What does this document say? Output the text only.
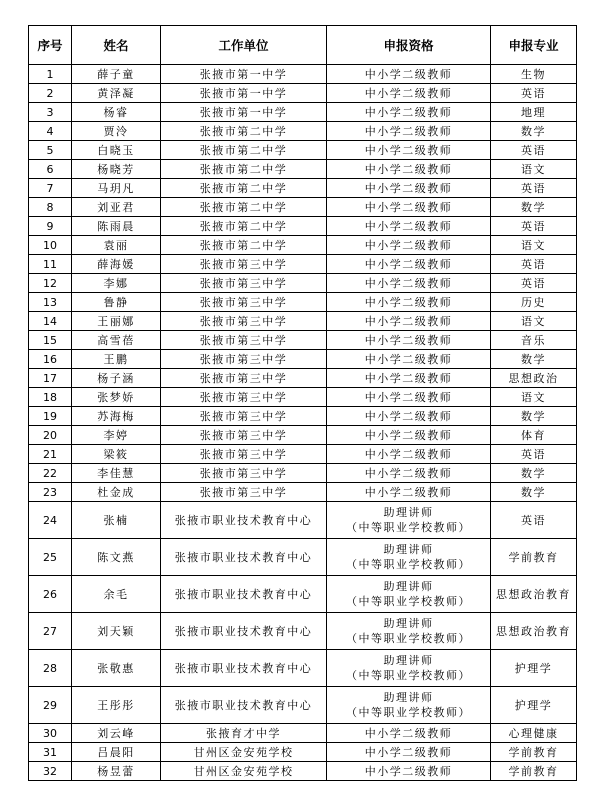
序号	姓名	工作单位	申报资格	申报专业
1	薛子童	张掖市第一中学	中小学二级教师	生物
2	黄泽凝	张掖市第一中学	中小学二级教师	英语
3	杨睿	张掖市第一中学	中小学二级教师	地理
4	贾泠	张掖市第二中学	中小学二级教师	数学
5	白晓玉	张掖市第二中学	中小学二级教师	英语
6	杨晓芳	张掖市第二中学	中小学二级教师	语文
7	马玥凡	张掖市第二中学	中小学二级教师	英语
8	刘亚君	张掖市第二中学	中小学二级教师	数学
9	陈雨晨	张掖市第二中学	中小学二级教师	英语
10	袁丽	张掖市第二中学	中小学二级教师	语文
11	薛海媛	张掖市第三中学	中小学二级教师	英语
12	李娜	张掖市第三中学	中小学二级教师	英语
13	鲁静	张掖市第三中学	中小学二级教师	历史
14	王丽娜	张掖市第三中学	中小学二级教师	语文
15	高雪蓓	张掖市第三中学	中小学二级教师	音乐
16	王鹏	张掖市第三中学	中小学二级教师	数学
17	杨子涵	张掖市第三中学	中小学二级教师	思想政治
18	张梦娇	张掖市第三中学	中小学二级教师	语文
19	苏海梅	张掖市第三中学	中小学二级教师	数学
20	李婷	张掖市第三中学	中小学二级教师	体育
21	梁筱	张掖市第三中学	中小学二级教师	英语
22	李佳慧	张掖市第三中学	中小学二级教师	数学
23	杜金成	张掖市第三中学	中小学二级教师	数学
24	张楠	张掖市职业技术教育中心	助理讲师
（中等职业学校教师）	英语
25	陈文燕	张掖市职业技术教育中心	助理讲师
（中等职业学校教师）	学前教育
26	余毛	张掖市职业技术教育中心	助理讲师
（中等职业学校教师）	思想政治教育
27	刘天颖	张掖市职业技术教育中心	助理讲师
（中等职业学校教师）	思想政治教育
28	张敬惠	张掖市职业技术教育中心	助理讲师
（中等职业学校教师）	护理学
29	王彤彤	张掖市职业技术教育中心	助理讲师
（中等职业学校教师）	护理学
30	刘云峰	张掖育才中学	中小学二级教师	心理健康
31	吕晨阳	甘州区金安苑学校	中小学二级教师	学前教育
32	杨昱蕾	甘州区金安苑学校	中小学二级教师	学前教育
